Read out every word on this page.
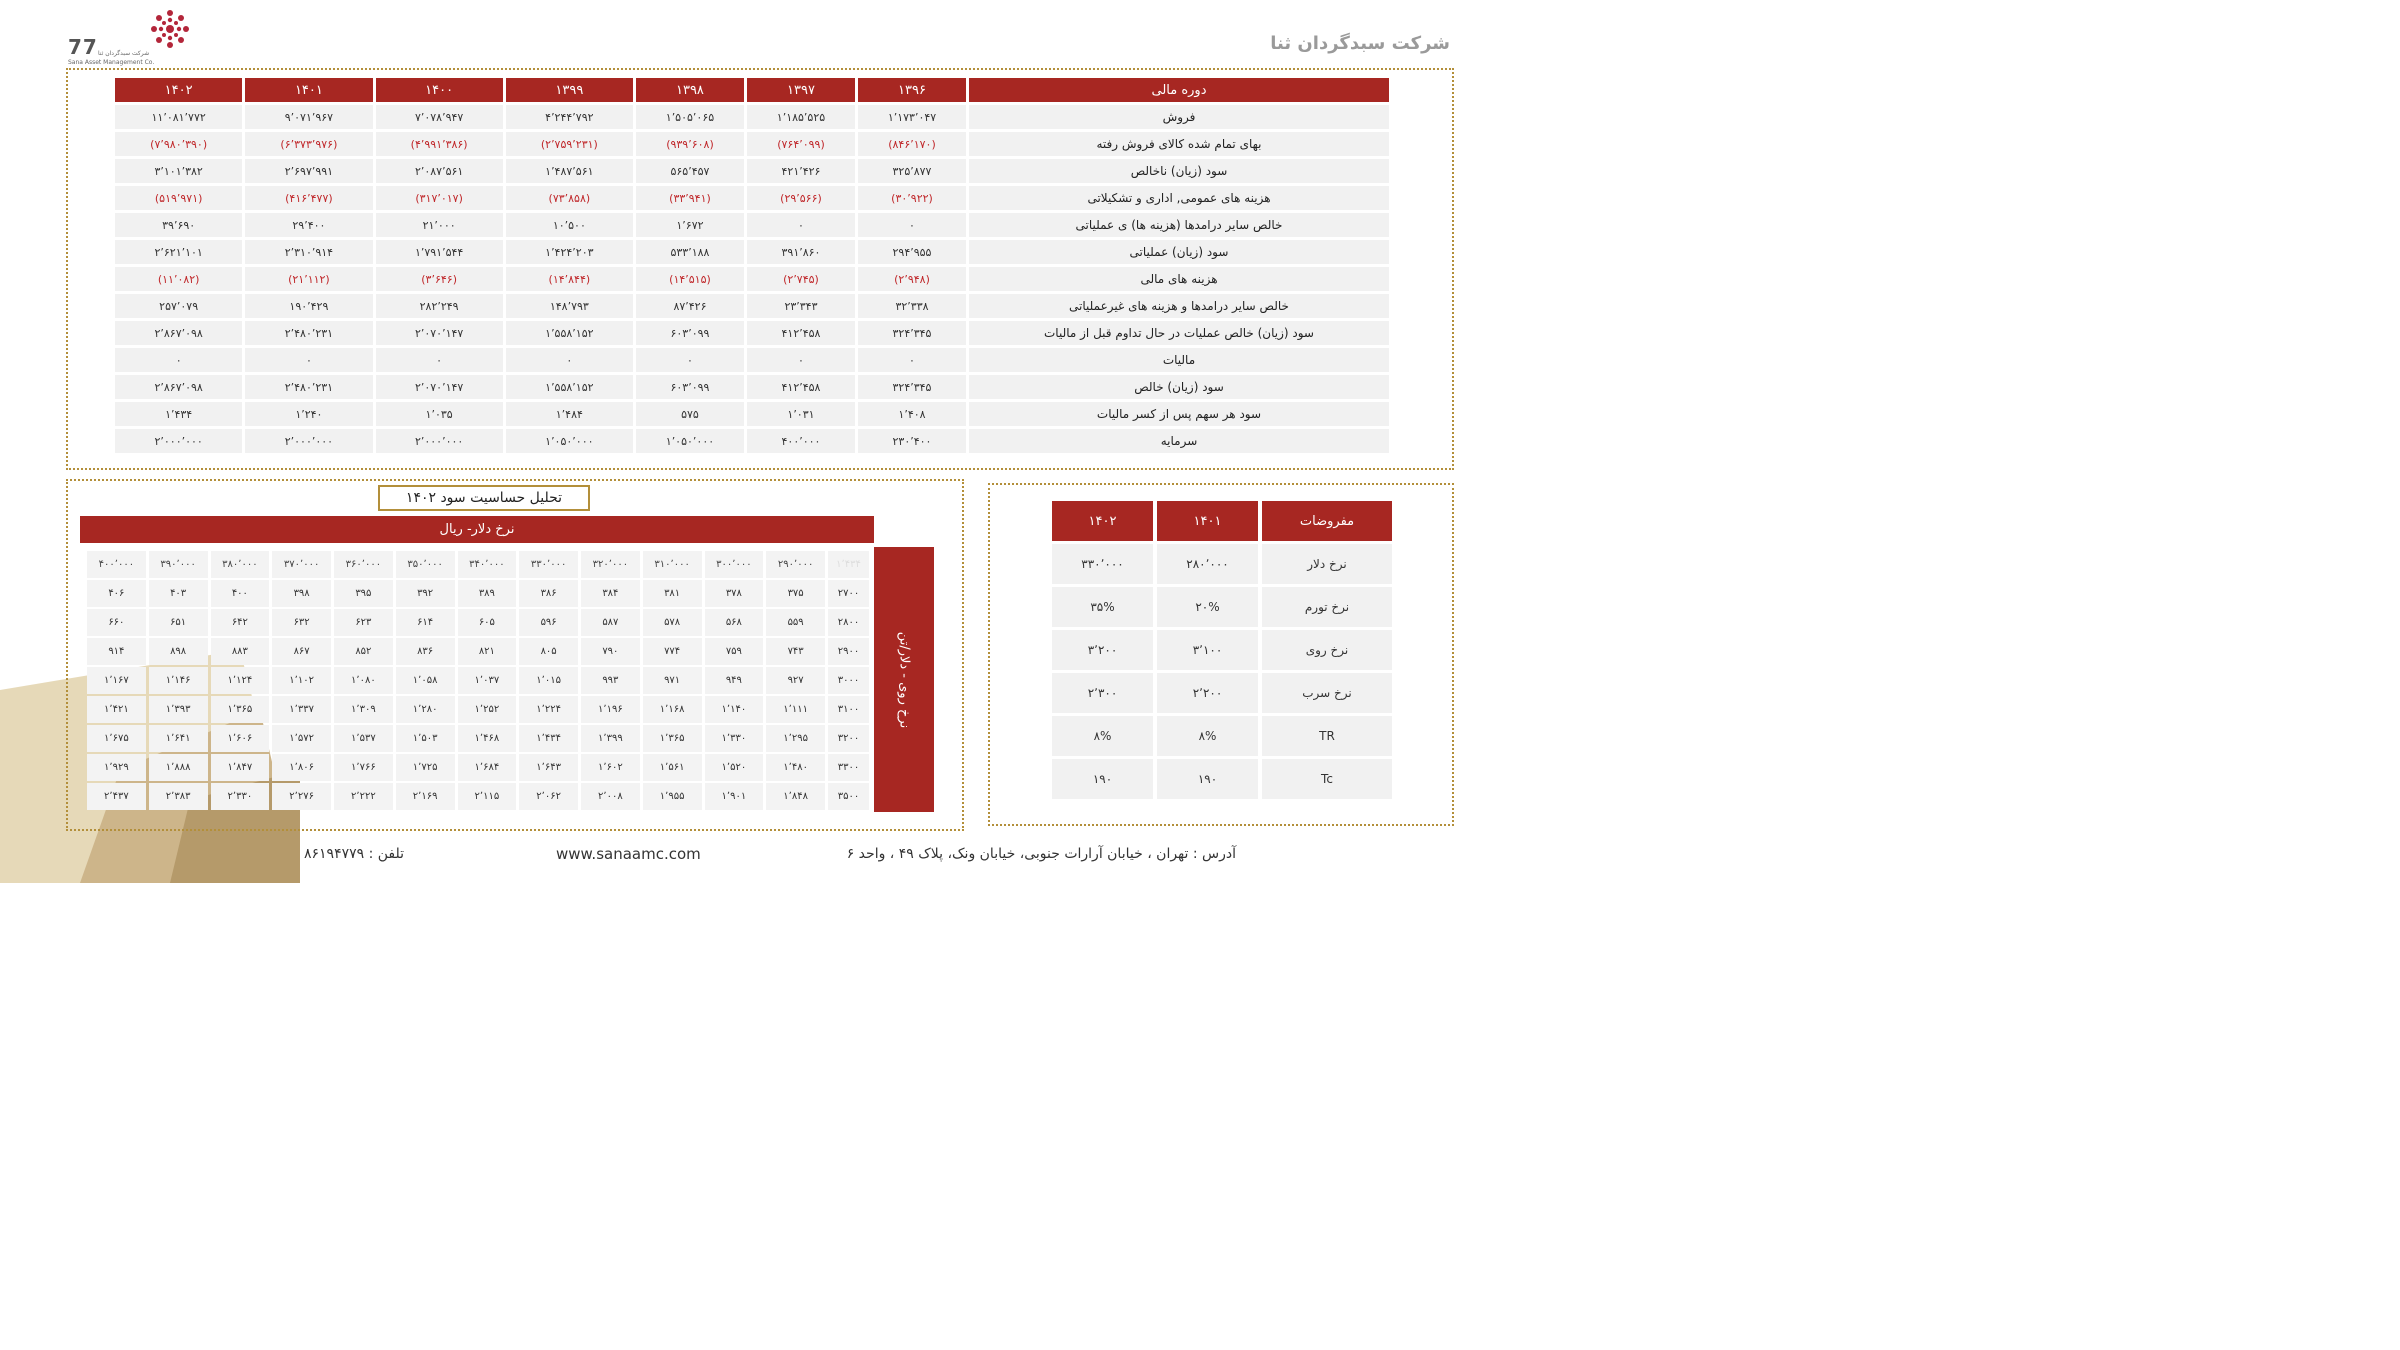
77 شرکت سبدگردان ثنا
Sana Asset Management Co.
شرکت سبدگردان ثنا
دوره مالی	۱۳۹۶	۱۳۹۷	۱۳۹۸	۱۳۹۹	۱۴۰۰	۱۴۰۱	۱۴۰۲
فروش	۱٬۱۷۳٬۰۴۷	۱٬۱۸۵٬۵۲۵	۱٬۵۰۵٬۰۶۵	۴٬۲۴۴٬۷۹۲	۷٬۰۷۸٬۹۴۷	۹٬۰۷۱٬۹۶۷	۱۱٬۰۸۱٬۷۷۲
بهای تمام شده کالای فروش رفته	(۸۴۶٬۱۷۰)	(۷۶۴٬۰۹۹)	(۹۳۹٬۶۰۸)	(۲٬۷۵۹٬۲۳۱)	(۴٬۹۹۱٬۳۸۶)	(۶٬۳۷۳٬۹۷۶)	(۷٬۹۸۰٬۳۹۰)
سود (زیان) ناخالص	۳۲۵٬۸۷۷	۴۲۱٬۴۲۶	۵۶۵٬۴۵۷	۱٬۴۸۷٬۵۶۱	۲٬۰۸۷٬۵۶۱	۲٬۶۹۷٬۹۹۱	۳٬۱۰۱٬۳۸۲
هزینه های عمومی, اداری و تشکیلاتی	(۳۰٬۹۲۲)	(۲۹٬۵۶۶)	(۳۳٬۹۴۱)	(۷۳٬۸۵۸)	(۳۱۷٬۰۱۷)	(۴۱۶٬۴۷۷)	(۵۱۹٬۹۷۱)
خالص سایر درامدها (هزینه ها) ی عملیاتی	۰	۰	۱٬۶۷۲	۱۰٬۵۰۰	۲۱٬۰۰۰	۲۹٬۴۰۰	۳۹٬۶۹۰
سود (زیان) عملیاتی	۲۹۴٬۹۵۵	۳۹۱٬۸۶۰	۵۳۳٬۱۸۸	۱٬۴۲۴٬۲۰۳	۱٬۷۹۱٬۵۴۴	۲٬۳۱۰٬۹۱۴	۲٬۶۲۱٬۱۰۱
هزینه های مالی	(۲٬۹۴۸)	(۲٬۷۴۵)	(۱۴٬۵۱۵)	(۱۴٬۸۴۴)	(۳٬۶۴۶)	(۲۱٬۱۱۲)	(۱۱٬۰۸۲)
خالص سایر درامدها و هزینه های غیرعملیاتی	۳۲٬۳۳۸	۲۳٬۳۴۳	۸۷٬۴۲۶	۱۴۸٬۷۹۳	۲۸۲٬۲۴۹	۱۹۰٬۴۲۹	۲۵۷٬۰۷۹
سود (زیان) خالص عملیات در حال تداوم قبل از مالیات	۳۲۴٬۳۴۵	۴۱۲٬۴۵۸	۶۰۳٬۰۹۹	۱٬۵۵۸٬۱۵۲	۲٬۰۷۰٬۱۴۷	۲٬۴۸۰٬۲۳۱	۲٬۸۶۷٬۰۹۸
مالیات	۰	۰	۰	۰	۰	۰	۰
سود (زیان) خالص	۳۲۴٬۳۴۵	۴۱۲٬۴۵۸	۶۰۳٬۰۹۹	۱٬۵۵۸٬۱۵۲	۲٬۰۷۰٬۱۴۷	۲٬۴۸۰٬۲۳۱	۲٬۸۶۷٬۰۹۸
سود هر سهم پس از کسر مالیات	۱٬۴۰۸	۱٬۰۳۱	۵۷۵	۱٬۴۸۴	۱٬۰۳۵	۱٬۲۴۰	۱٬۴۳۴
سرمایه	۲۳۰٬۴۰۰	۴۰۰٬۰۰۰	۱٬۰۵۰٬۰۰۰	۱٬۰۵۰٬۰۰۰	۲٬۰۰۰٬۰۰۰	۲٬۰۰۰٬۰۰۰	۲٬۰۰۰٬۰۰۰
مفروضات	۱۴۰۱	۱۴۰۲
نرخ دلار	۲۸۰٬۰۰۰	۳۳۰٬۰۰۰
نرخ تورم	۲۰%	۳۵%
نرخ روی	۳٬۱۰۰	۳٬۲۰۰
نرخ سرب	۲٬۲۰۰	۲٬۳۰۰
TR	۸%	۸%
Tc	۱۹۰	۱۹۰
تحلیل حساسیت سود ۱۴۰۲
نرخ دلار- ریال
نرخ روی - دلار/تن
۴۰۰٬۰۰۰	۳۹۰٬۰۰۰	۳۸۰٬۰۰۰	۳۷۰٬۰۰۰	۳۶۰٬۰۰۰	۳۵۰٬۰۰۰	۳۴۰٬۰۰۰	۳۳۰٬۰۰۰	۳۲۰٬۰۰۰	۳۱۰٬۰۰۰	۳۰۰٬۰۰۰	۲۹۰٬۰۰۰	۱٬۴۳۴
۴۰۶	۴۰۳	۴۰۰	۳۹۸	۳۹۵	۳۹۲	۳۸۹	۳۸۶	۳۸۴	۳۸۱	۳۷۸	۳۷۵	۲۷۰۰
۶۶۰	۶۵۱	۶۴۲	۶۳۲	۶۲۳	۶۱۴	۶۰۵	۵۹۶	۵۸۷	۵۷۸	۵۶۸	۵۵۹	۲۸۰۰
۹۱۴	۸۹۸	۸۸۳	۸۶۷	۸۵۲	۸۳۶	۸۲۱	۸۰۵	۷۹۰	۷۷۴	۷۵۹	۷۴۳	۲۹۰۰
۱٬۱۶۷	۱٬۱۴۶	۱٬۱۲۴	۱٬۱۰۲	۱٬۰۸۰	۱٬۰۵۸	۱٬۰۳۷	۱٬۰۱۵	۹۹۳	۹۷۱	۹۴۹	۹۲۷	۳۰۰۰
۱٬۴۲۱	۱٬۳۹۳	۱٬۳۶۵	۱٬۳۳۷	۱٬۳۰۹	۱٬۲۸۰	۱٬۲۵۲	۱٬۲۲۴	۱٬۱۹۶	۱٬۱۶۸	۱٬۱۴۰	۱٬۱۱۱	۳۱۰۰
۱٬۶۷۵	۱٬۶۴۱	۱٬۶۰۶	۱٬۵۷۲	۱٬۵۳۷	۱٬۵۰۳	۱٬۴۶۸	۱٬۴۳۴	۱٬۳۹۹	۱٬۳۶۵	۱٬۳۳۰	۱٬۲۹۵	۳۲۰۰
۱٬۹۲۹	۱٬۸۸۸	۱٬۸۴۷	۱٬۸۰۶	۱٬۷۶۶	۱٬۷۲۵	۱٬۶۸۴	۱٬۶۴۳	۱٬۶۰۲	۱٬۵۶۱	۱٬۵۲۰	۱٬۴۸۰	۳۳۰۰
۲٬۴۳۷	۲٬۳۸۳	۲٬۳۳۰	۲٬۲۷۶	۲٬۲۲۲	۲٬۱۶۹	۲٬۱۱۵	۲٬۰۶۲	۲٬۰۰۸	۱٬۹۵۵	۱٬۹۰۱	۱٬۸۴۸	۳۵۰۰
آدرس : تهران ، خیابان آرارات جنوبی، خیابان ونک، پلاک ۴۹ ، واحد ۶
www.sanaamc.com
تلفن : ۸۶۱۹۴۷۷۹
